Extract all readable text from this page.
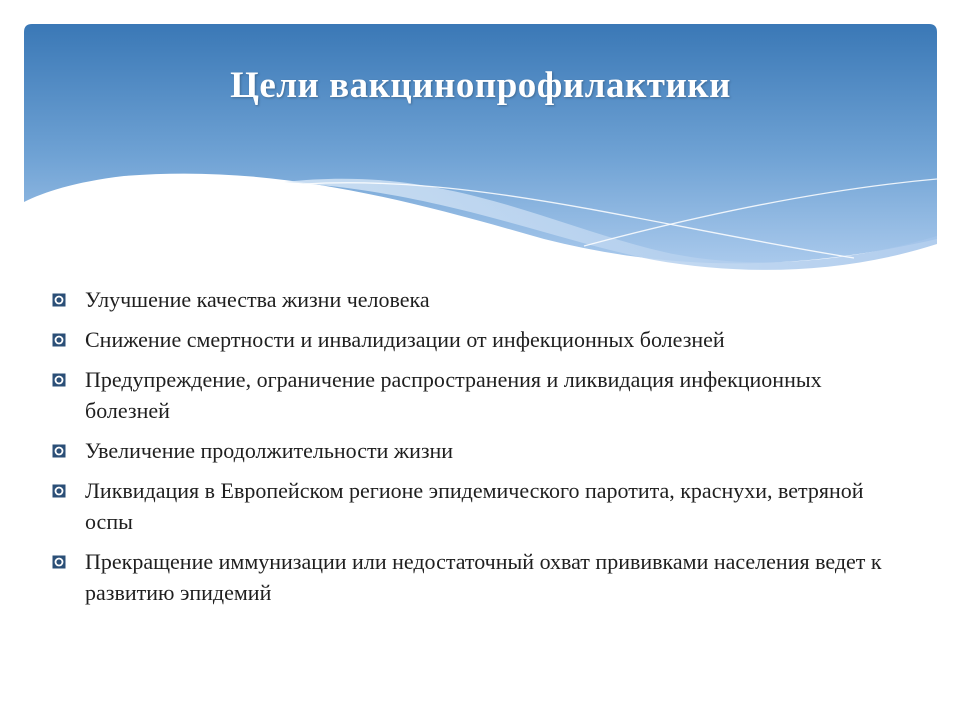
Цели вакцинопрофилактики
Улучшение качества жизни человека
Снижение смертности и инвалидизации от инфекционных болезней
Предупреждение, ограничение распространения и ликвидация инфекционных болезней
Увеличение продолжительности жизни
Ликвидация в Европейском регионе эпидемического паротита, краснухи, ветряной оспы
Прекращение иммунизации или недостаточный охват прививками населения ведет к развитию эпидемий
